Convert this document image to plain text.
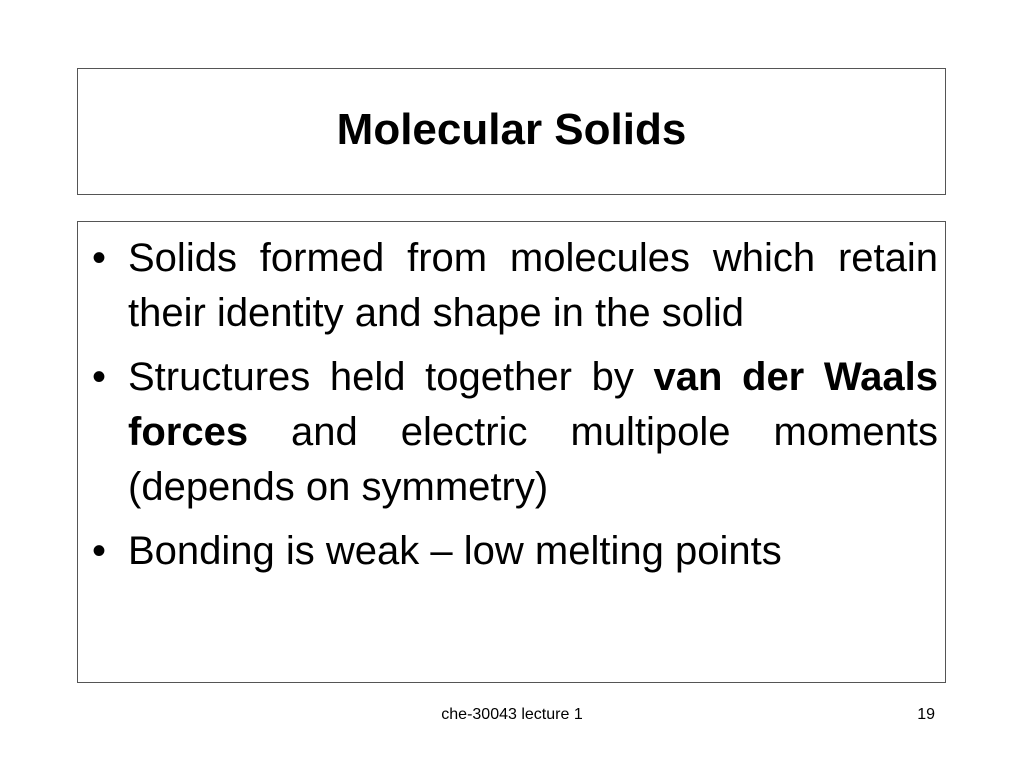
Molecular Solids
• Solids formed from molecules which retain their identity and shape in the solid
• Structures held together by van der Waals forces and electric multipole moments (depends on symmetry)
• Bonding is weak – low melting points
che-30043 lecture 1	19
